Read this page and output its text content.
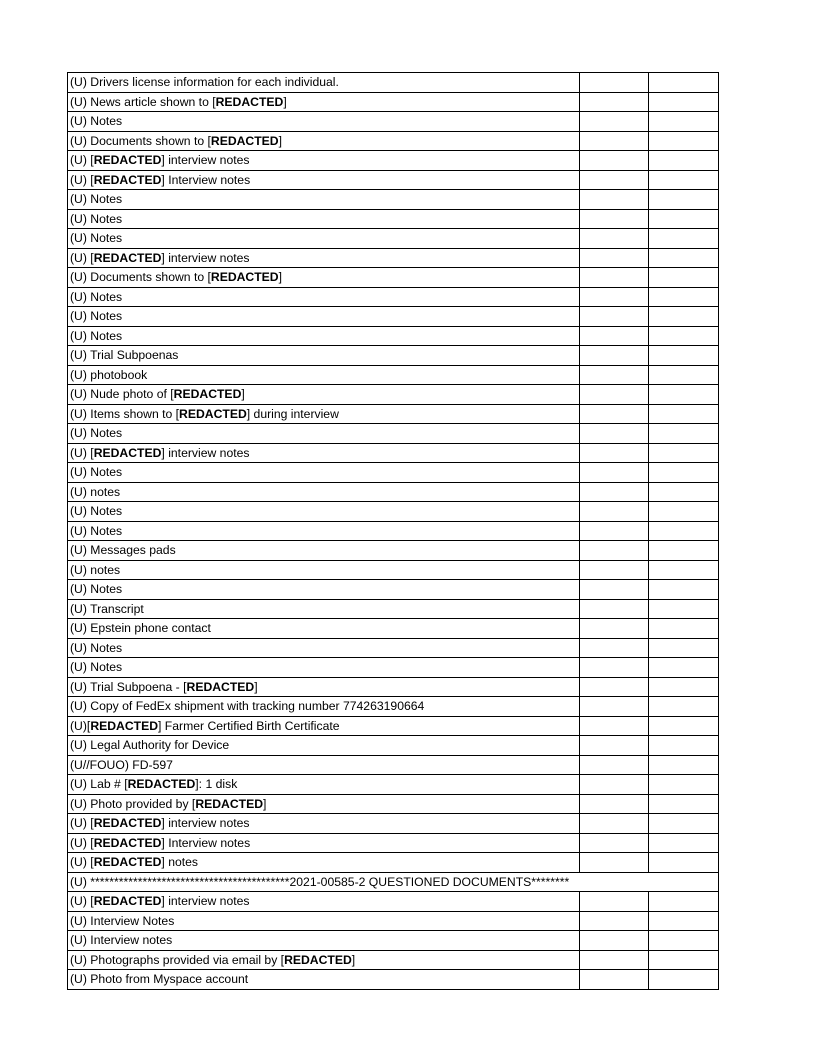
(U) Drivers license information for each individual.		
(U) News article shown to [REDACTED]		
(U) Notes		
(U) Documents shown to [REDACTED]		
(U) [REDACTED] interview notes		
(U) [REDACTED] Interview notes		
(U) Notes		
(U) Notes		
(U) Notes		
(U) [REDACTED] interview notes		
(U) Documents shown to [REDACTED]		
(U) Notes		
(U) Notes		
(U) Notes		
(U) Trial Subpoenas		
(U) photobook		
(U) Nude photo of [REDACTED]		
(U) Items shown to [REDACTED] during interview		
(U) Notes		
(U) [REDACTED] interview notes		
(U) Notes		
(U) notes		
(U) Notes		
(U) Notes		
(U) Messages pads		
(U) notes		
(U) Notes		
(U) Transcript		
(U) Epstein phone contact		
(U) Notes		
(U) Notes		
(U) Trial Subpoena - [REDACTED]		
(U) Copy of FedEx shipment with tracking number 774263190664		
(U)[REDACTED] Farmer Certified Birth Certificate		
(U) Legal Authority for Device		
(U//FOUO) FD-597		
(U) Lab # [REDACTED]: 1 disk		
(U) Photo provided by [REDACTED]		
(U) [REDACTED] interview notes		
(U) [REDACTED] Interview notes		
(U) [REDACTED] notes		
(U) ******************************************2021-00585-2 QUESTIONED DOCUMENTS********		
(U) [REDACTED] interview notes		
(U) Interview Notes		
(U) Interview notes		
(U) Photographs provided via email by [REDACTED]		
(U) Photo from Myspace account		
